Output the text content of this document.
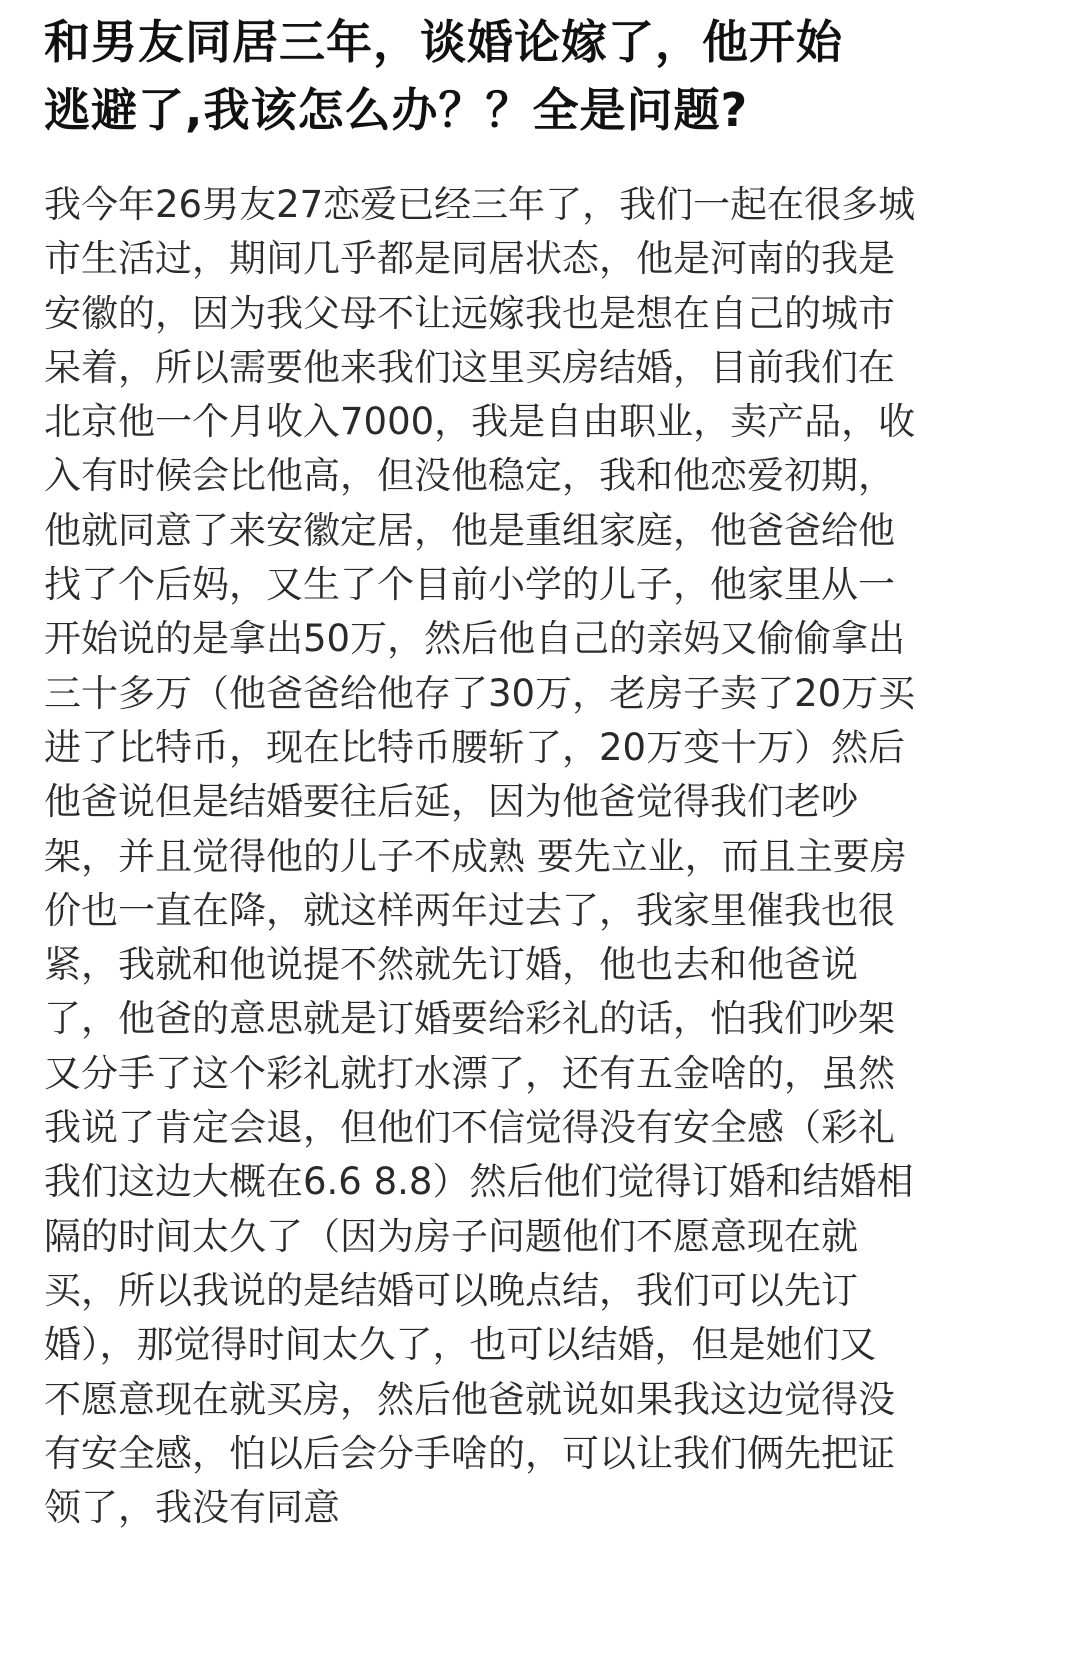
和男友同居三年，谈婚论嫁了，他开始
逃避了,我该怎么办？？全是问题?
我今年26男友27恋爱已经三年了，我们一起在很多城
市生活过，期间几乎都是同居状态，他是河南的我是
安徽的，因为我父母不让远嫁我也是想在自己的城市
呆着，所以需要他来我们这里买房结婚，目前我们在
北京他一个月收入7000，我是自由职业，卖产品，收
入有时候会比他高，但没他稳定，我和他恋爱初期，
他就同意了来安徽定居，他是重组家庭，他爸爸给他
找了个后妈，又生了个目前小学的儿子，他家里从一
开始说的是拿出50万，然后他自己的亲妈又偷偷拿出
三十多万（他爸爸给他存了30万，老房子卖了20万买
进了比特币，现在比特币腰斩了，20万变十万）然后
他爸说但是结婚要往后延，因为他爸觉得我们老吵
架，并且觉得他的儿子不成熟 要先立业，而且主要房
价也一直在降，就这样两年过去了，我家里催我也很
紧，我就和他说提不然就先订婚，他也去和他爸说
了，他爸的意思就是订婚要给彩礼的话，怕我们吵架
又分手了这个彩礼就打水漂了，还有五金啥的，虽然
我说了肯定会退，但他们不信觉得没有安全感（彩礼
我们这边大概在6.6 8.8）然后他们觉得订婚和结婚相
隔的时间太久了（因为房子问题他们不愿意现在就
买，所以我说的是结婚可以晚点结，我们可以先订
婚），那觉得时间太久了，也可以结婚，但是她们又
不愿意现在就买房，然后他爸就说如果我这边觉得没
有安全感，怕以后会分手啥的，可以让我们俩先把证
领了，我没有同意
